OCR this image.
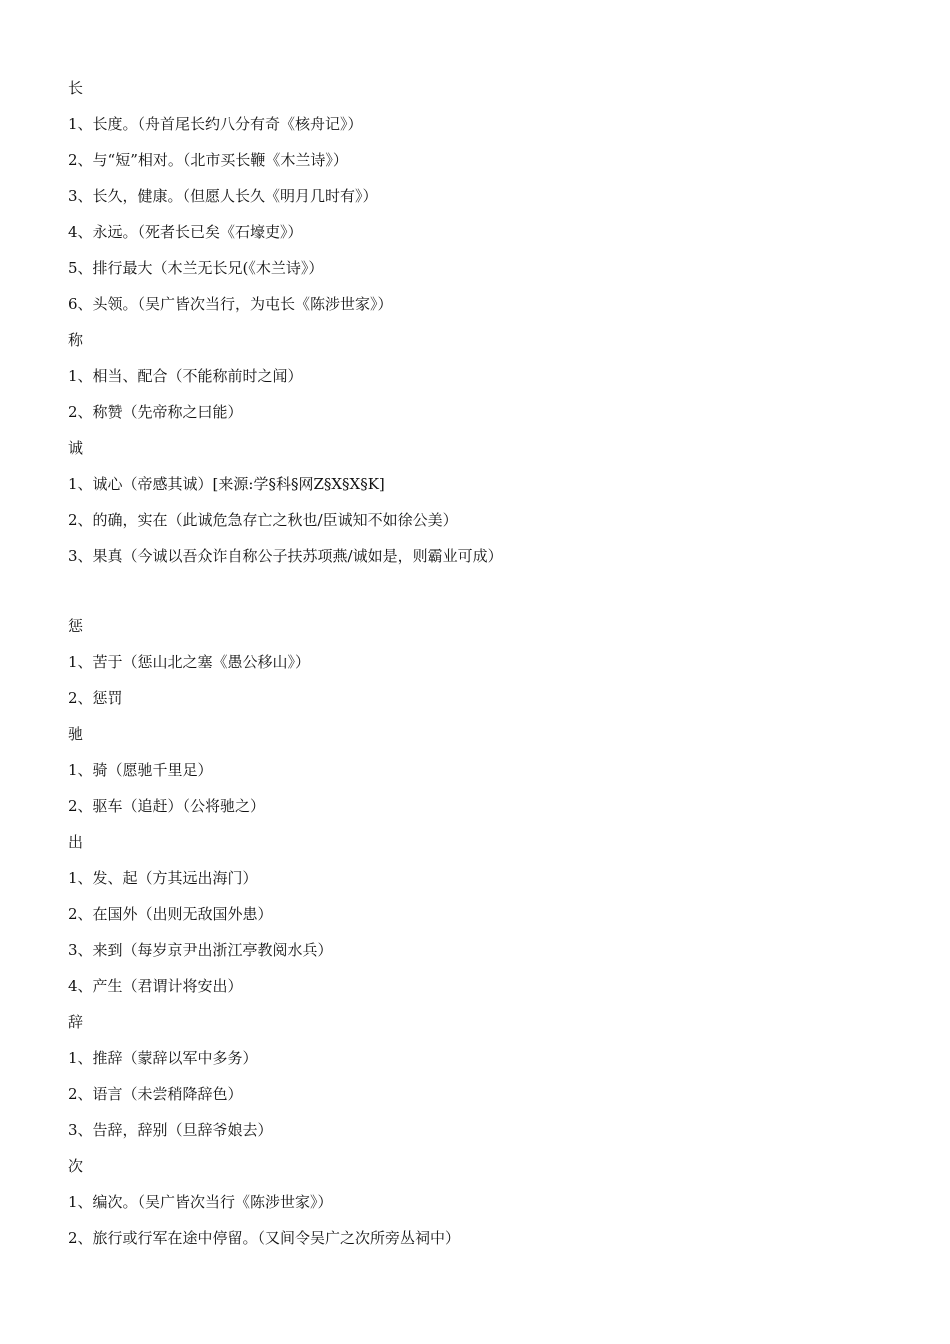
长
1、长度。（舟首尾长约八分有奇《核舟记》）
2、与“短”相对。（北市买长鞭《木兰诗》）
3、长久，健康。（但愿人长久《明月几时有》）
4、永远。（死者长已矣《石壕吏》）
5、排行最大（木兰无长兄(《木兰诗》）
6、头领。（吴广皆次当行，为屯长《陈涉世家》）
称
1、相当、配合（不能称前时之闻）
2、称赞（先帝称之曰能）
诚
1、诚心（帝感其诚）[来源:学§科§网Z§X§X§K]
2、的确，实在（此诚危急存亡之秋也/臣诚知不如徐公美）
3、果真（今诚以吾众诈自称公子扶苏项燕/诚如是，则霸业可成）
惩
1、苦于（惩山北之塞《愚公移山》）
2、惩罚
驰
1、骑（愿驰千里足）
2、驱车（追赶）（公将驰之）
出
1、发、起（方其远出海门）
2、在国外（出则无敌国外患）
3、来到（每岁京尹出浙江亭教阅水兵）
4、产生（君谓计将安出）
辞
1、推辞（蒙辞以军中多务）
2、语言（未尝稍降辞色）
3、告辞，辞别（旦辞爷娘去）
次
1、编次。（吴广皆次当行《陈涉世家》）
2、旅行或行军在途中停留。（又间令吴广之次所旁丛祠中）
